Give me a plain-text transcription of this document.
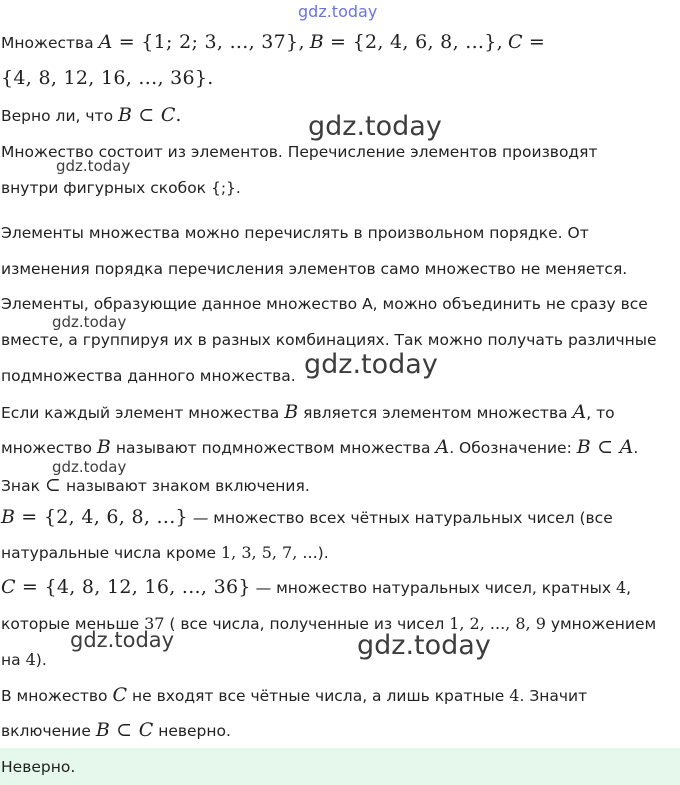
gdz.today
Множества A = {1; 2; 3, ..., 37}, B = {2, 4, 6, 8, ...}, C =
{4, 8, 12, 16, ..., 36}.
Верно ли, что B ⊂ C.	gdz.today
Множество состоит из элементов. Перечисление элементов производят
gdz.today
внутри фигурных скобок {;}.
Элементы множества можно перечислять в произвольном порядке. От
изменения порядка перечисления элементов само множество не меняется.
Элементы, образующие данное множество A, можно объединить не сразу все
gdz.today
вместе, а группируя их в разных комбинациях. Так можно получать различные
подмножества данного множества. gdz.today
Если каждый элемент множества B является элементом множества A, то
множество B называют подмножеством множества A. Обозначение: B ⊂ A.
gdz.today
Знак ⊂ называют знаком включения.
B = {2, 4, 6, 8, ...} — множество всех чётных натуральных чисел (все
натуральные числа кроме 1, 3, 5, 7, ...).
C = {4, 8, 12, 16, ..., 36} — множество натуральных чисел, кратных 4,
которые меньше 37 ( все числа, полученные из чисел 1, 2, ..., 8, 9 умножением
gdz.today	gdz.today
на 4).
В множество C не входят все чётные числа, а лишь кратные 4. Значит
включение B ⊂ C неверно.
Неверно.
